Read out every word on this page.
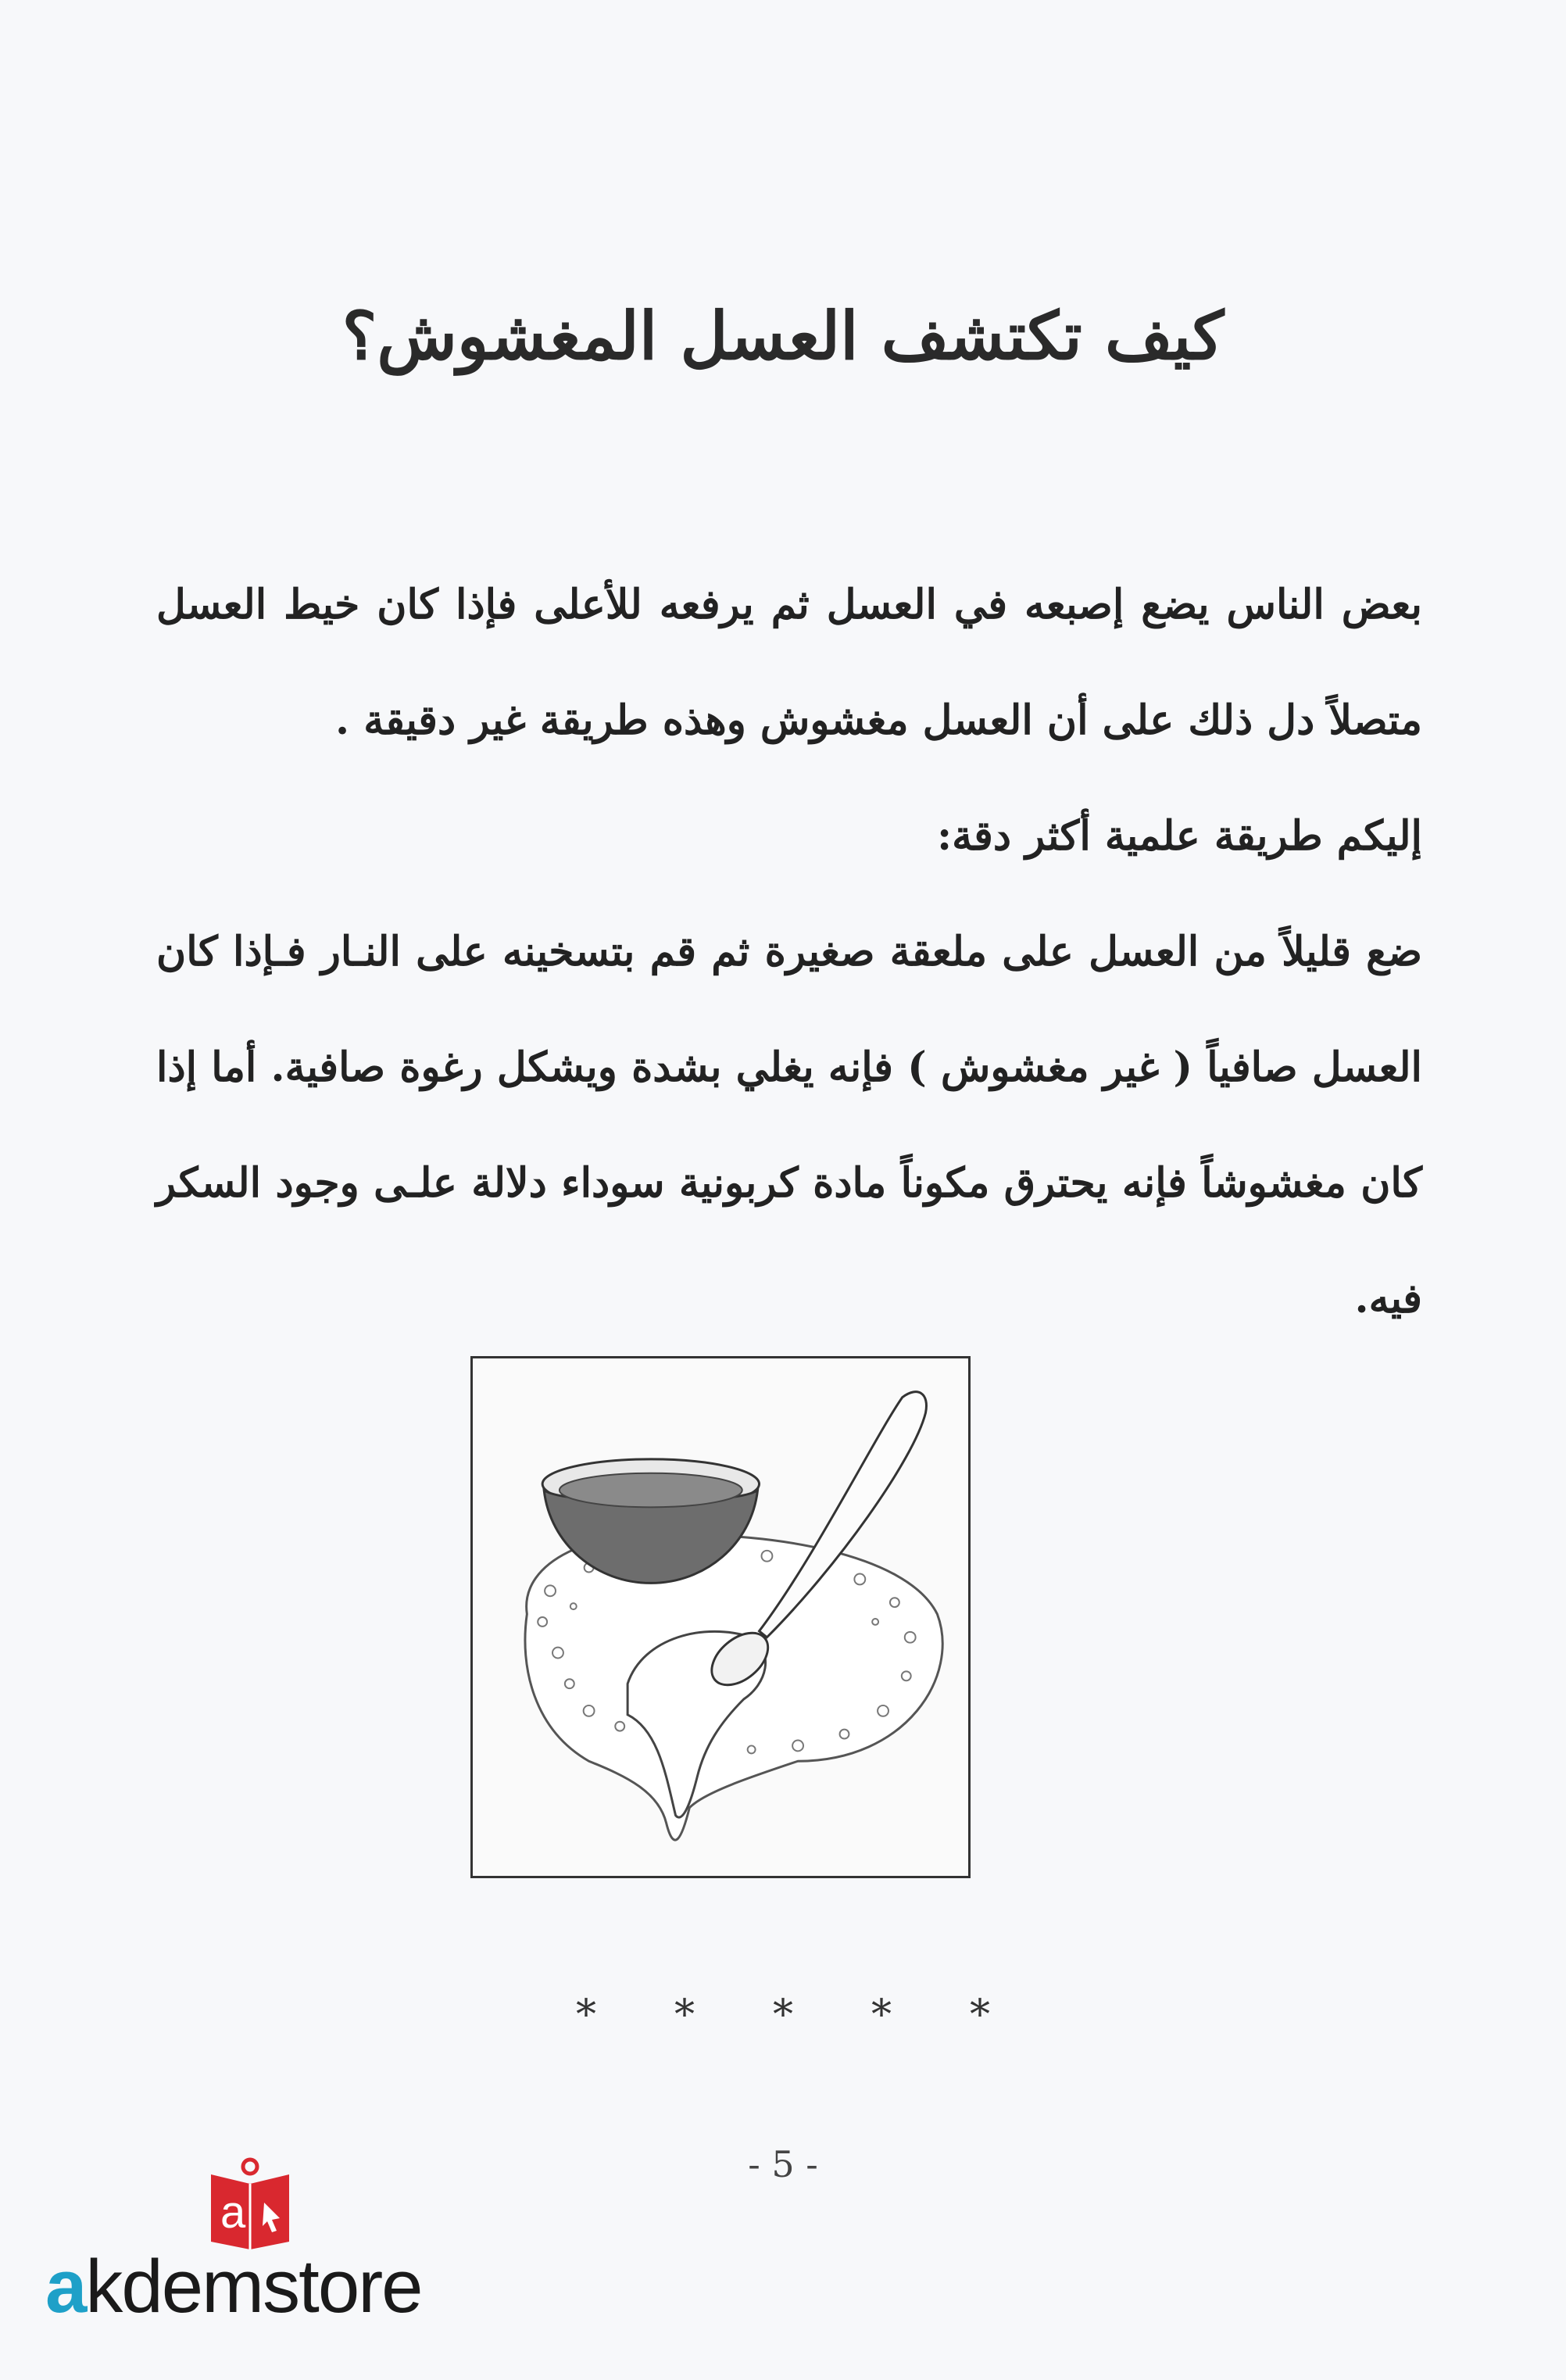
كيف تكتشف العسل المغشوش؟

بعض الناس يضع إصبعه في العسل ثم يرفعه للأعلى فإذا كان خيط العسل متصلاً دل ذلك على أن العسل مغشوش وهذه طريقة غير دقيقة .

إليكم طريقة علمية أكثر دقة:

ضع قليلاً من العسل على ملعقة صغيرة ثم قم بتسخينه على النـار فـإذا كان العسل صافياً ( غير مغشوش ) فإنه يغلي بشدة ويشكل رغوة صافية. أما إذا كان مغشوشاً فإنه يحترق مكوناً مادة كربونية سوداء دلالة علـى وجود السكر فيه.

* * * * *
- 5 -
a
akdemstore
